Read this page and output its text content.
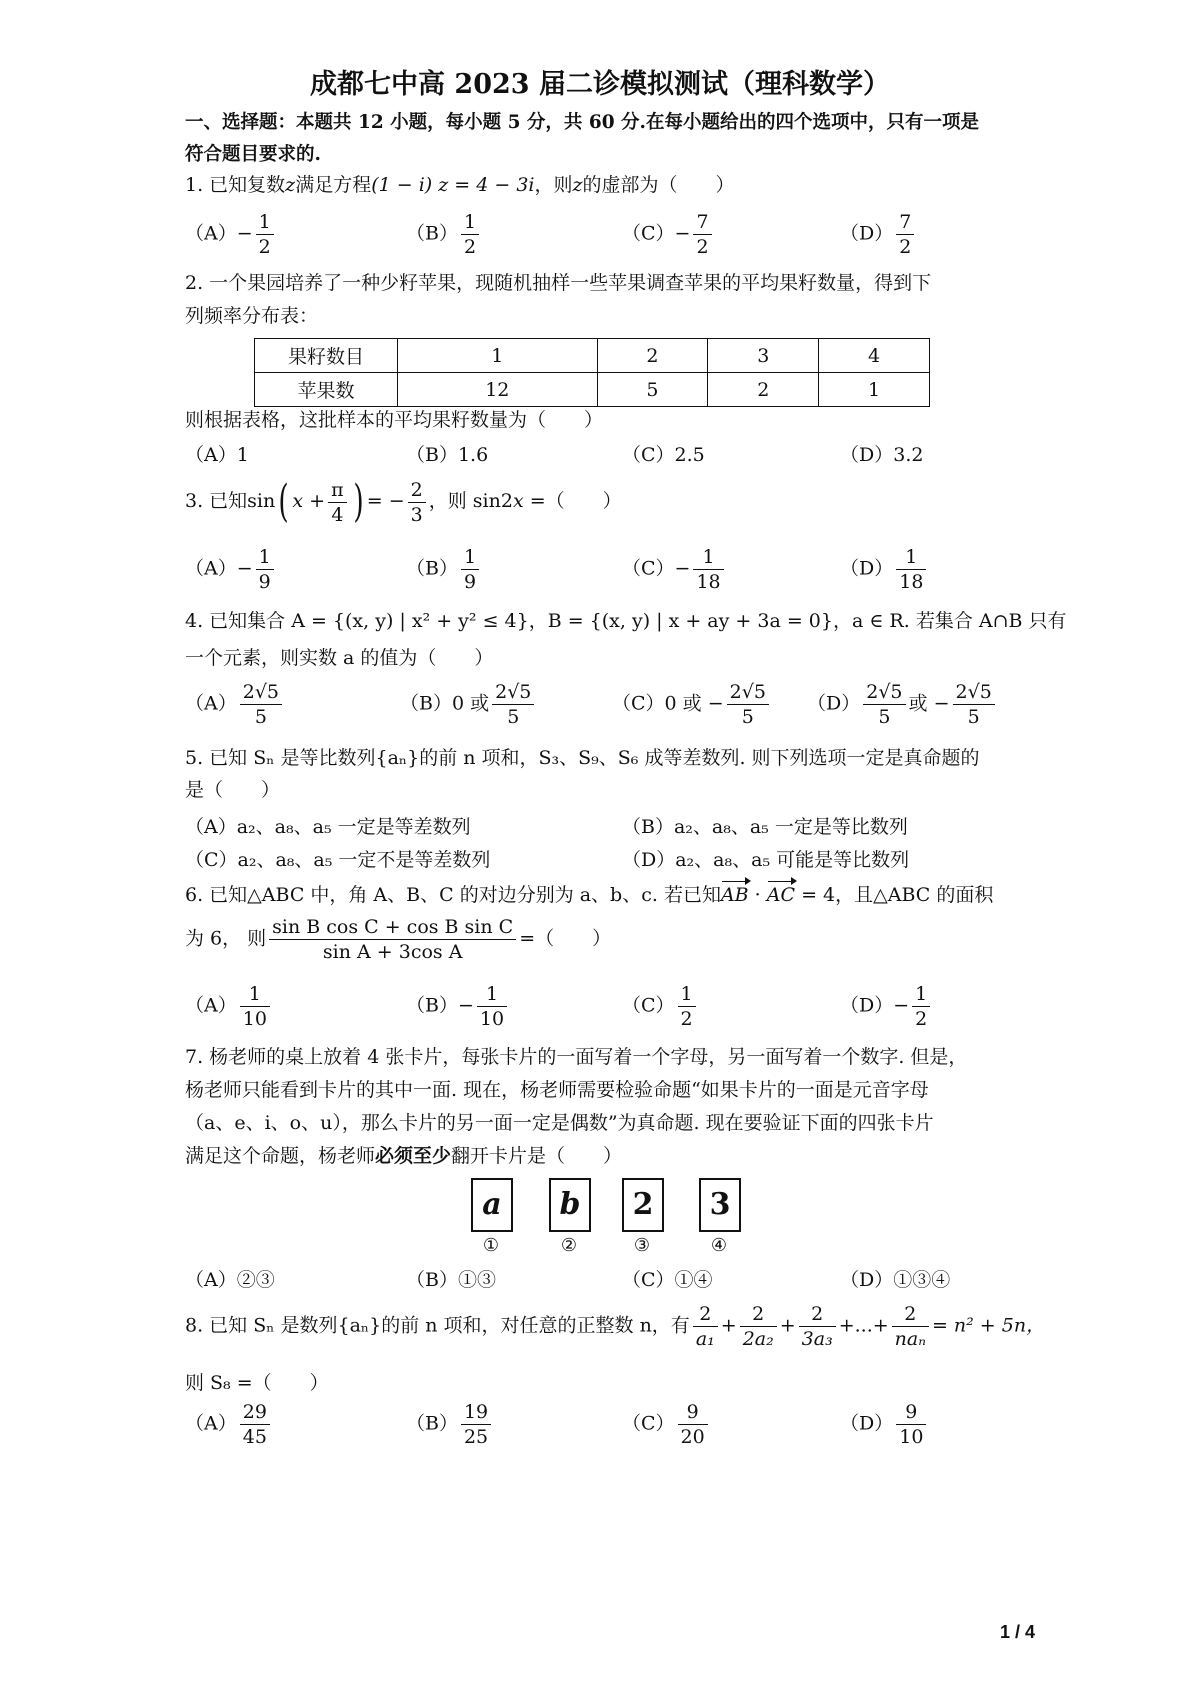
成都七中高 2023 届二诊模拟测试（理科数学）
一、选择题：本题共 12 小题，每小题 5 分，共 60 分.在每小题给出的四个选项中，只有一项是
符合题目要求的.
1. 已知复数z满足方程(1 − i) z = 4 − 3i，则z的虚部为（　　）
$(A)- \frac{1}{2}$	$(B) \frac{1}{2}$	$(C)- \frac{7}{2}$	$(D) \frac{7}{2}$
2. 一个果园培养了一种少籽苹果，现随机抽样一些苹果调查苹果的平均果籽数量，得到下
列频率分布表：
果籽数目	1	2	3	4
苹果数	12	5	2	1
则根据表格，这批样本的平均果籽数量为（　　）
（A）1	（B）1.6	（C）2.5	（D）3.2
3. 已知sin( $x + \frac{\pi}{4}$ ) = − $\frac{2}{3}$ ，则 sin2x =（　　）
$(A)- \frac{1}{9}$	$(B) \frac{1}{9}$	$(C)- \frac{1}{18}$	$(D) \frac{1}{18}$
4. 已知集合 A = {(x, y) | x² + y² ≤ 4}，B = {(x, y) | x + ay + 3a = 0}，a ∈ R. 若集合 A∩B 只有
一个元素，则实数 a 的值为（　　）
$(A) \frac{2√5}{5}$	（B）0 或 $\frac{2√5}{5}$	（C）0 或 − $\frac{2√5}{5} (D) \frac{2√5}{5}$ 或 − $\frac{2√5}{5}$
5. 已知 Sₙ 是等比数列{aₙ}的前 n 项和，S₃、S₉、S₆ 成等差数列. 则下列选项一定是真命题的
是（　　）
（A）a₂、a₈、a₅ 一定是等差数列	（B）a₂、a₈、a₅ 一定是等比数列
（C）a₂、a₈、a₅ 一定不是等差数列	（D）a₂、a₈、a₅ 可能是等比数列
6. 已知△ABC 中，角 A、B、C 的对边分别为 a、b、c. 若已知AB · AC = 4，且△ABC 的面积
为 6， 则 $\frac{\text{sin B cos C + cos B sin C}}{\text{sin A + 3cos A}}$ =（　　）
$(A) \frac{1}{10}$	$(B)- \frac{1}{10}$	$(C) \frac{1}{2}$	$(D)- \frac{1}{2}$
7. 杨老师的桌上放着 4 张卡片，每张卡片的一面写着一个字母，另一面写着一个数字. 但是，
杨老师只能看到卡片的其中一面. 现在，杨老师需要检验命题“如果卡片的一面是元音字母
（a、e、i、o、u），那么卡片的另一面一定是偶数”为真命题. 现在要验证下面的四张卡片
满足这个命题，杨老师必须至少翻开卡片是（　　）
a	b	2	3
①	②	③	④
（A）②③	（B）①③	（C）①④	（D）①③④
8. 已知 Sₙ 是数列{aₙ}的前 n 项和，对任意的正整数 n，有 $\frac{2}{\text{a₁}} + \frac{2}{\text{2a₂}} + \frac{2}{\text{3a₃}}$ +...+ $\frac{2}{\text{naₙ}} = n^2 + 5n$，
则 S₈ =（　　）
$(A) \frac{29}{45}$	$(B) \frac{19}{25}$	$(C) \frac{9}{20}$	$(D) \frac{9}{10}$
1 / 4
